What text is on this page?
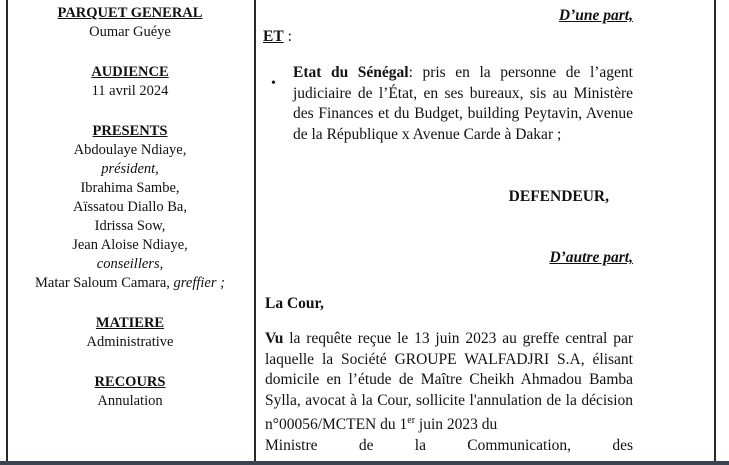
PARQUET GENERAL
Oumar Guéye
AUDIENCE
11 avril 2024
PRESENTS
Abdoulaye Ndiaye,
président,
Ibrahima Sambe,
Aïssatou Diallo Ba,
Idrissa Sow,
Jean Aloise Ndiaye,
conseillers,
Matar Saloum Camara, greffier ;
MATIERE
Administrative
RECOURS
Annulation
D’une part,
ET :
•
Etat du Sénégal: pris en la personne de l’agent judiciaire de l’État, en ses bureaux, sis au Ministère des Finances et du Budget, building Peytavin, Avenue de la République x Avenue Carde à Dakar ;
DEFENDEUR,
D’autre part,
La Cour,
Vu la requête reçue le 13 juin 2023 au greffe central par laquelle la Société GROUPE WALFADJRI S.A, élisant domicile en l’étude de Maître Cheikh Ahmadou Bamba Sylla, avocat à la Cour, sollicite l'annulation de la décision n°00056/MCTEN du 1er juin 2023 du
Ministre de la Communication, des
